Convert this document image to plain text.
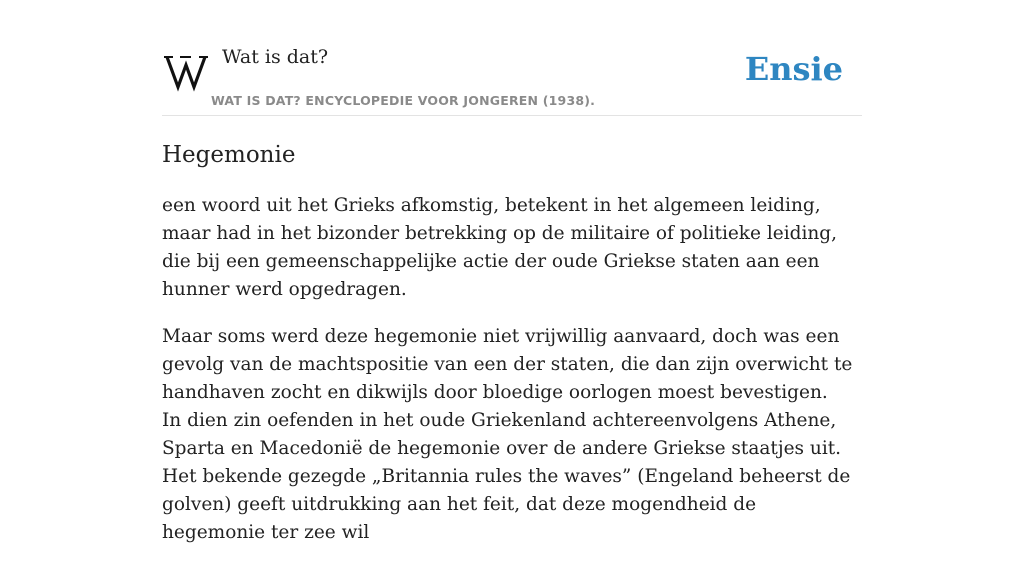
Wat is dat?
WAT IS DAT? ENCYCLOPEDIE VOOR JONGEREN (1938).
Ensie
Hegemonie

een woord uit het Grieks afkomstig, betekent in het algemeen leiding, maar had in het bizonder betrekking op de militaire of politieke leiding, die bij een gemeenschappelijke actie der oude Griekse staten aan een hunner werd opgedragen.

Maar soms werd deze hegemonie niet vrijwillig aanvaard, doch was een gevolg van de machtspositie van een der staten, die dan zijn overwicht te handhaven zocht en dikwijls door bloedige oorlogen moest bevestigen.
In dien zin oefenden in het oude Griekenland achtereenvolgens Athene, Sparta en Macedonië de hegemonie over de andere Griekse staatjes uit.
Het bekende gezegde „Britannia rules the waves” (Engeland beheerst de golven) geeft uitdrukking aan het feit, dat deze mogendheid de hegemonie ter zee wil
